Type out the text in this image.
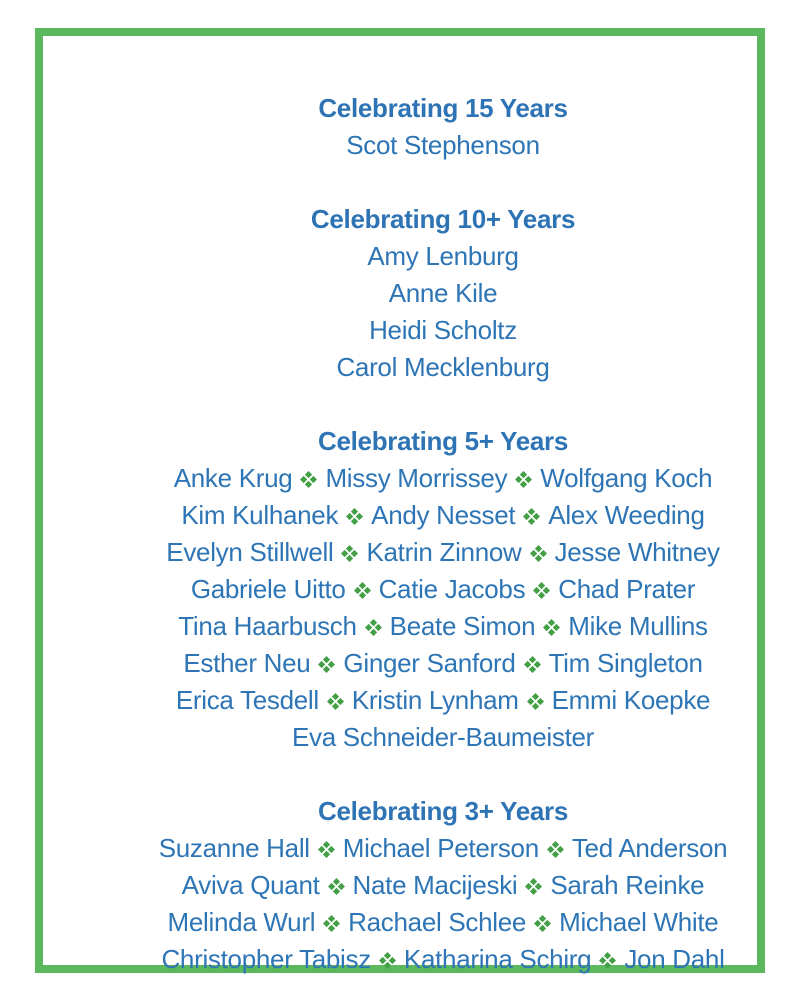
Celebrating 15 Years
Scot Stephenson
Celebrating 10+ Years
Amy Lenburg
Anne Kile
Heidi Scholtz
Carol Mecklenburg
Celebrating 5+ Years
Anke Krug Missy Morrissey Wolfgang Koch
Kim Kulhanek Andy Nesset Alex Weeding
Evelyn Stillwell Katrin Zinnow Jesse Whitney
Gabriele Uitto Catie Jacobs Chad Prater
Tina Haarbusch Beate Simon Mike Mullins
Esther Neu Ginger Sanford Tim Singleton
Erica Tesdell Kristin Lynham Emmi Koepke
Eva Schneider-Baumeister
Celebrating 3+ Years
Suzanne Hall Michael Peterson Ted Anderson
Aviva Quant Nate Macijeski Sarah Reinke
Melinda Wurl Rachael Schlee Michael White
Christopher Tabisz Katharina Schirg Jon Dahl
